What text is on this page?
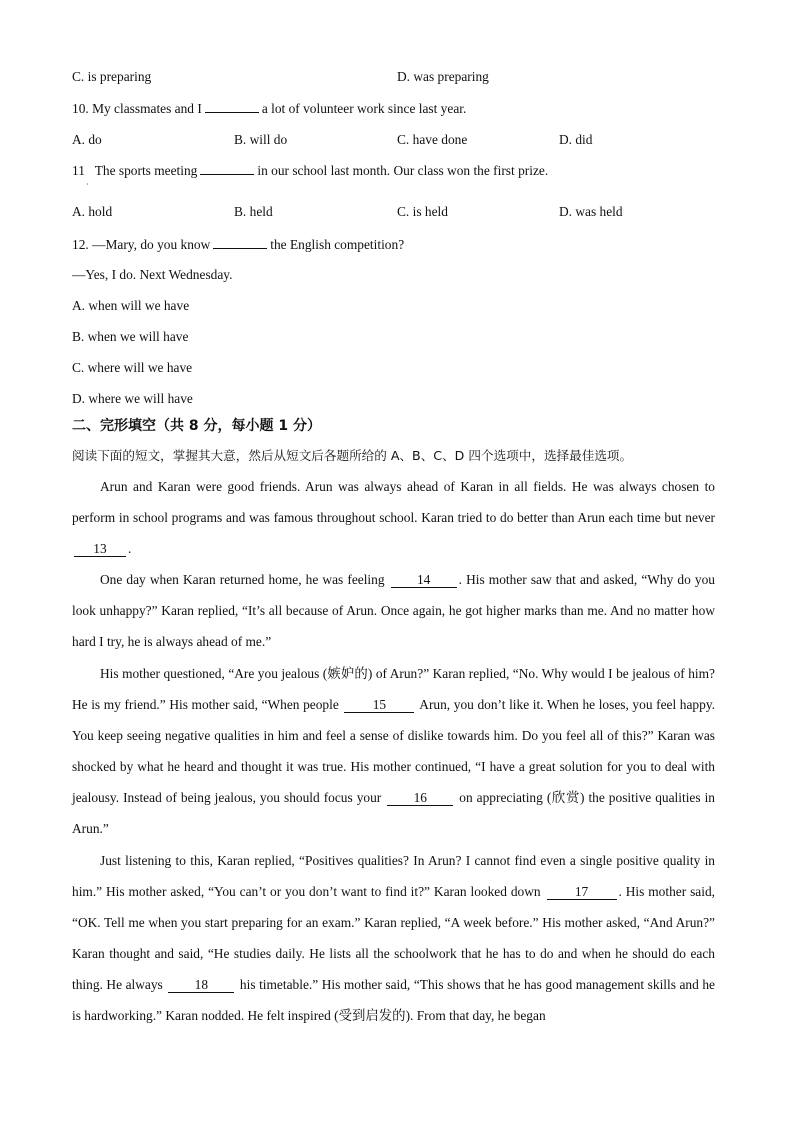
C. is preparing	D. was preparing
10. My classmates and I	a lot of volunteer work since last year.
A. do	B. will do	C. have done	D. did
11 The sports meeting	in our school last month. Our class won the first prize.
·
A. hold	B. held	C. is held	D. was held
12. —Mary, do you know	the English competition?
—Yes, I do. Next Wednesday.
A. when will we have
B. when we will have
C. where will we have
D. where we will have
二、完形填空（共 8 分，每小题 1 分）
阅读下面的短文，掌握其大意，然后从短文后各题所给的 A、B、C、D 四个选项中，选择最佳选项。
Arun and Karan were good friends. Arun was always ahead of Karan in all fields. He was always chosen to perform in school programs and was famous throughout school. Karan tried to do better than Arun each time but never 13 .
One day when Karan returned home, he was feeling 14 . His mother saw that and asked, “Why do you look unhappy?” Karan replied, “It’s all because of Arun. Once again, he got higher marks than me. And no matter how hard I try, he is always ahead of me.”
His mother questioned, “Are you jealous (嫉妒的) of Arun?” Karan replied, “No. Why would I be jealous of him? He is my friend.” His mother said, “When people	15 Arun, you don’t like it. When he loses, you feel happy. You keep seeing negative qualities in him and feel a sense of dislike towards him. Do you feel all of this?” Karan was shocked by what he heard and thought it was true. His mother continued, “I have a great solution for you to deal with jealousy. Instead of being jealous, you should focus your 16 on appreciating (欣赏) the positive qualities in Arun.”
Just listening to this, Karan replied, “Positives qualities? In Arun? I cannot find even a single positive quality in him.” His mother asked, “You can’t or you don’t want to find it?” Karan looked down	17 . His mother said, “OK. Tell me when you start preparing for an exam.” Karan replied, “A week before.” His mother asked, “And Arun?” Karan thought and said, “He studies daily. He lists all the schoolwork that he has to do and when he should do each thing. He always 18 his timetable.” His mother said, “This shows that he has good management skills and he is hardworking.” Karan nodded. He felt inspired (受到启发的). From that day, he began
